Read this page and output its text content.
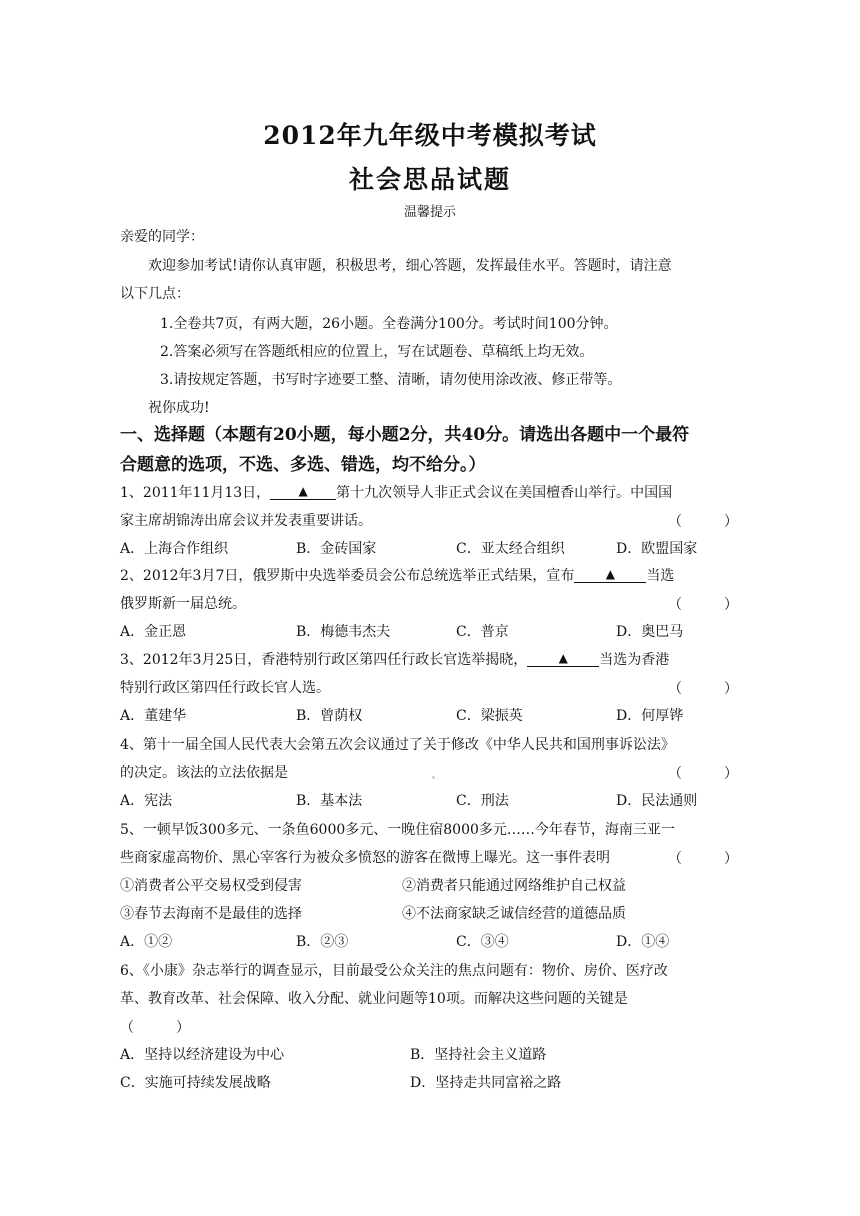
2012年九年级中考模拟考试
社会思品试题
温馨提示
亲爱的同学：
欢迎参加考试!请你认真审题，积极思考，细心答题，发挥最佳水平。答题时，请注意
以下几点：
1.全卷共7页，有两大题，26小题。全卷满分100分。考试时间100分钟。
2.答案必须写在答题纸相应的位置上，写在试题卷、草稿纸上均无效。
3.请按规定答题，书写时字迹要工整、清晰，请勿使用涂改液、修正带等。
祝你成功!
一、选择题（本题有20小题，每小题2分，共40分。请选出各题中一个最符
合题意的选项，不选、多选、错选，均不给分。）
1、2011年11月13日， ▲ 第十九次领导人非正式会议在美国檀香山举行。中国国
家主席胡锦涛出席会议并发表重要讲话。	（　　　）
A．上海合作组织	B．金砖国家	C．亚太经合组织	D．欧盟国家
2、2012年3月7日，俄罗斯中央选举委员会公布总统选举正式结果，宣布	▲ 当选
俄罗斯新一届总统。	（　　　）
A．金正恩	B．梅德韦杰夫	C．普京	D．奥巴马
3、2012年3月25日，香港特别行政区第四任行政长官选举揭晓，	▲ 当选为香港
特别行政区第四任行政长官人选。	（　　　）
A．董建华	B．曾荫权	C．梁振英	D．何厚铧
4、第十一届全国人民代表大会第五次会议通过了关于修改《中华人民共和国刑事诉讼法》
的决定。该法的立法依据是	（　　　）
A．宪法	B．基本法	C．刑法	D．民法通则
5、一顿早饭300多元、一条鱼6000多元、一晚住宿8000多元……今年春节，海南三亚一
些商家虚高物价、黑心宰客行为被众多愤怒的游客在微博上曝光。这一事件表明	（　　　）
①消费者公平交易权受到侵害	②消费者只能通过网络维护自己权益
③春节去海南不是最佳的选择	④不法商家缺乏诚信经营的道德品质
A．①②	B．②③	C．③④	D．①④
6、《小康》杂志举行的调查显示，目前最受公众关注的焦点问题有：物价、房价、医疗改
革、教育改革、社会保障、收入分配、就业问题等10项。而解决这些问题的关键是
（　　　）
A．坚持以经济建设为中心	B．坚持社会主义道路
C．实施可持续发展战略	D．坚持走共同富裕之路
